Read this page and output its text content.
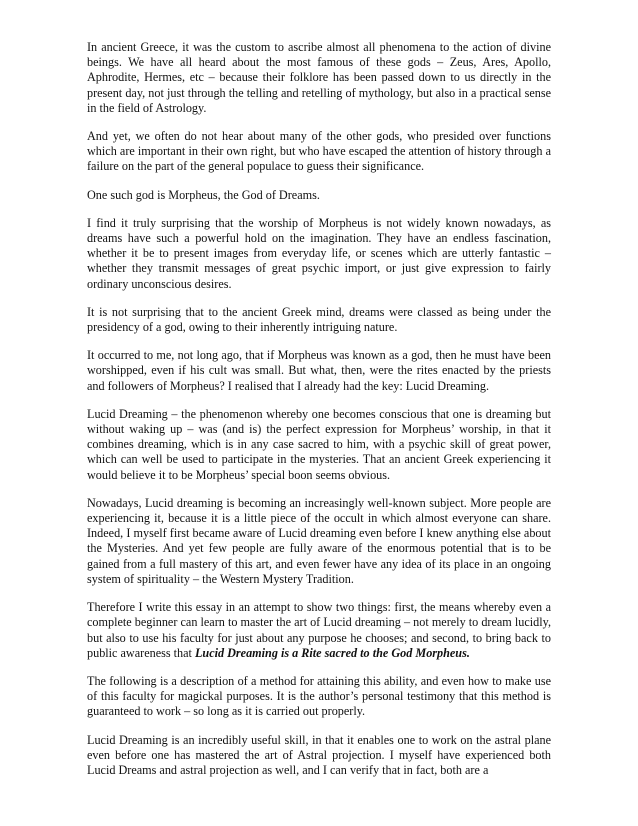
In ancient Greece, it was the custom to ascribe almost all phenomena to the action of divine beings. We have all heard about the most famous of these gods – Zeus, Ares, Apollo, Aphrodite, Hermes, etc – because their folklore has been passed down to us directly in the present day, not just through the telling and retelling of mythology, but also in a practical sense in the field of Astrology.

And yet, we often do not hear about many of the other gods, who presided over functions which are important in their own right, but who have escaped the attention of history through a failure on the part of the general populace to guess their significance.

One such god is Morpheus, the God of Dreams.

I find it truly surprising that the worship of Morpheus is not widely known nowadays, as dreams have such a powerful hold on the imagination. They have an endless fascination, whether it be to present images from everyday life, or scenes which are utterly fantastic – whether they transmit messages of great psychic import, or just give expression to fairly ordinary unconscious desires.

It is not surprising that to the ancient Greek mind, dreams were classed as being under the presidency of a god, owing to their inherently intriguing nature.

It occurred to me, not long ago, that if Morpheus was known as a god, then he must have been worshipped, even if his cult was small. But what, then, were the rites enacted by the priests and followers of Morpheus? I realised that I already had the key: Lucid Dreaming.

Lucid Dreaming – the phenomenon whereby one becomes conscious that one is dreaming but without waking up – was (and is) the perfect expression for Morpheus’ worship, in that it combines dreaming, which is in any case sacred to him, with a psychic skill of great power, which can well be used to participate in the mysteries. That an ancient Greek experiencing it would believe it to be Morpheus’ special boon seems obvious.

Nowadays, Lucid dreaming is becoming an increasingly well-known subject. More people are experiencing it, because it is a little piece of the occult in which almost everyone can share. Indeed, I myself first became aware of Lucid dreaming even before I knew anything else about the Mysteries. And yet few people are fully aware of the enormous potential that is to be gained from a full mastery of this art, and even fewer have any idea of its place in an ongoing system of spirituality – the Western Mystery Tradition.

Therefore I write this essay in an attempt to show two things: first, the means whereby even a complete beginner can learn to master the art of Lucid dreaming – not merely to dream lucidly, but also to use his faculty for just about any purpose he chooses; and second, to bring back to public awareness that Lucid Dreaming is a Rite sacred to the God Morpheus.

The following is a description of a method for attaining this ability, and even how to make use of this faculty for magickal purposes. It is the author’s personal testimony that this method is guaranteed to work – so long as it is carried out properly.

Lucid Dreaming is an incredibly useful skill, in that it enables one to work on the astral plane even before one has mastered the art of Astral projection. I myself have experienced both Lucid Dreams and astral projection as well, and I can verify that in fact, both are a
